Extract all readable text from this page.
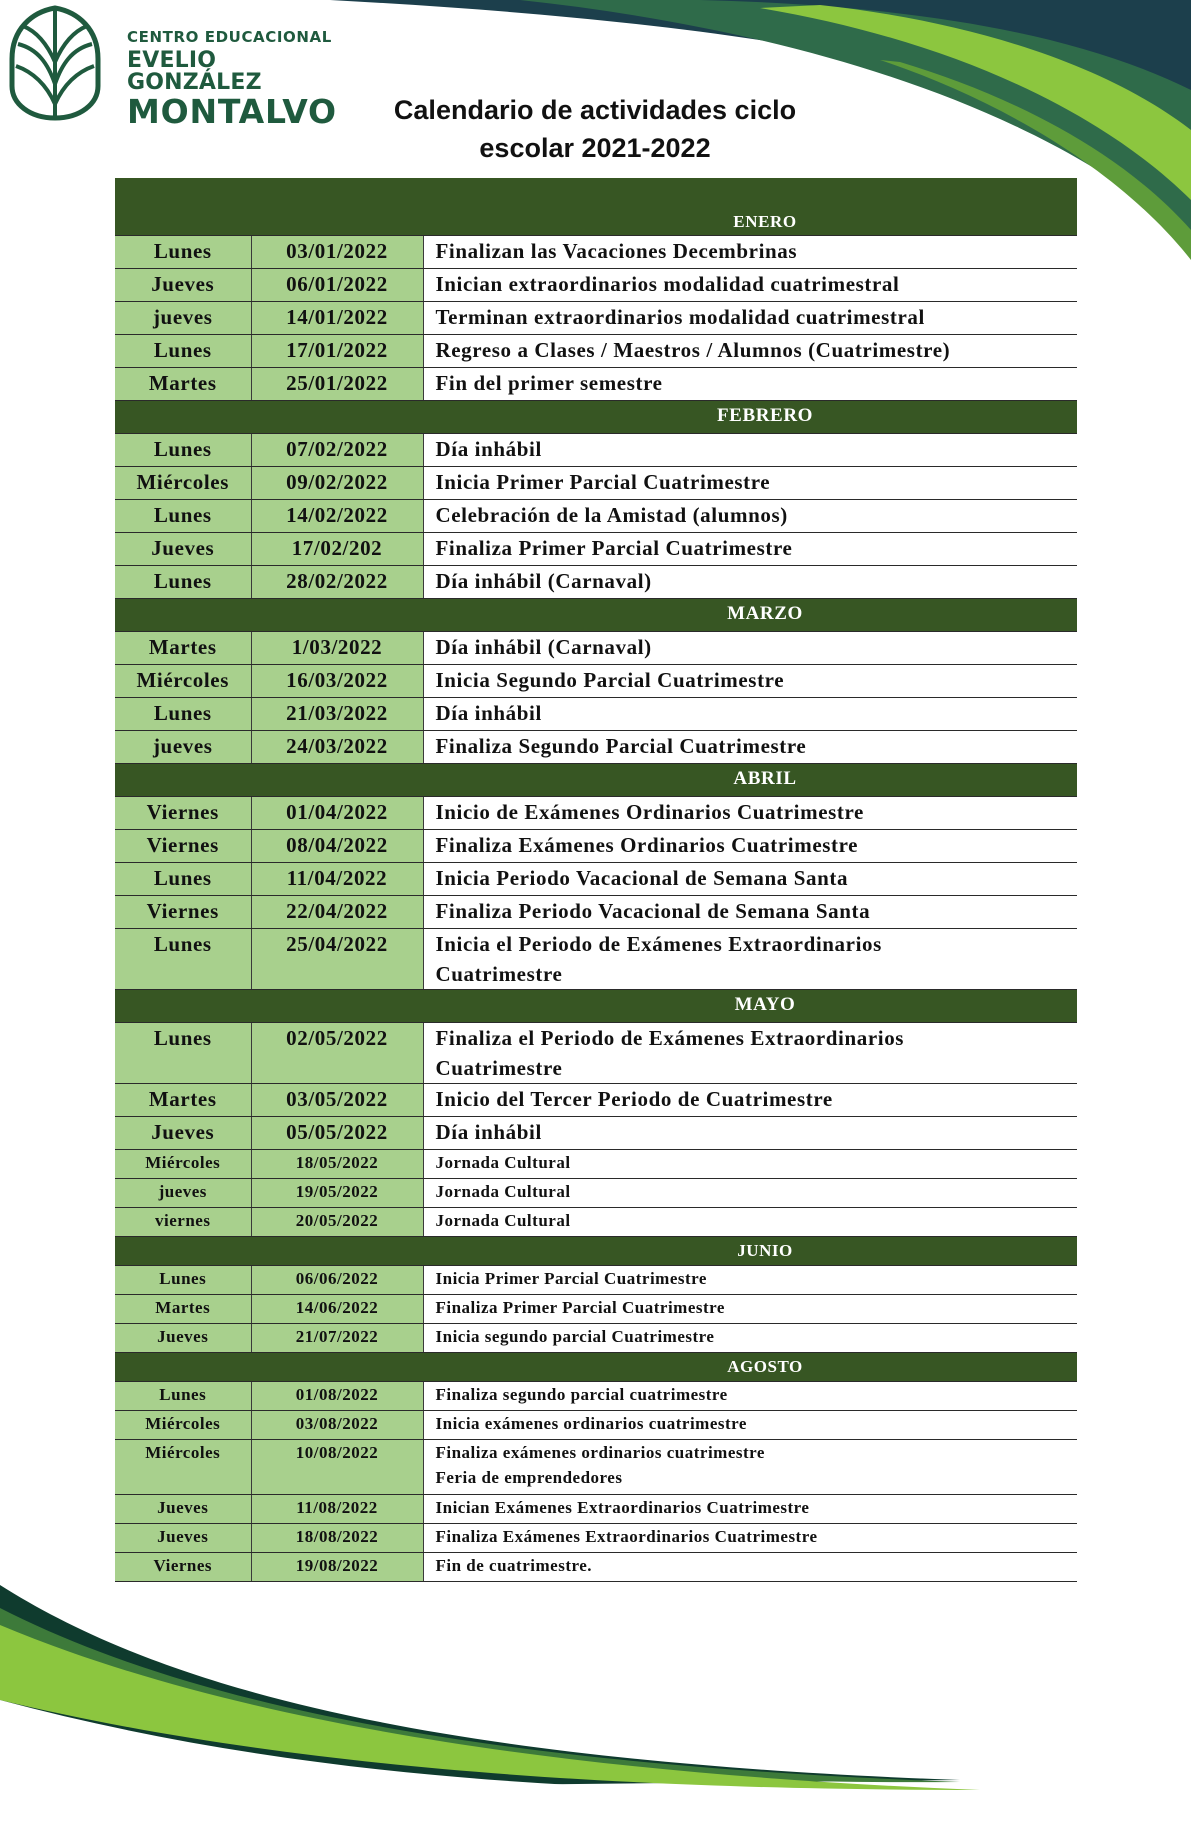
CENTRO EDUCACIONAL
EVELIO GONZÁLEZ
MONTALVO	Calendario de actividades ciclo
escolar 2021-2022
ENERO		
Lunes	03/01/2022	Finalizan las Vacaciones Decembrinas

Jueves	06/01/2022	Inician extraordinarios modalidad cuatrimestral

jueves	14/01/2022	Terminan extraordinarios modalidad cuatrimestral

Lunes	17/01/2022	Regreso a Clases / Maestros / Alumnos (Cuatrimestre)

Martes	25/01/2022	Fin del primer semestre

FEBRERO		
Lunes	07/02/2022	Día inhábil

Miércoles	09/02/2022	Inicia Primer Parcial Cuatrimestre

Lunes	14/02/2022	Celebración de la Amistad (alumnos)

Jueves	17/02/202	Finaliza Primer Parcial Cuatrimestre

Lunes	28/02/2022	Día inhábil (Carnaval)

MARZO		
Martes	1/03/2022	Día inhábil (Carnaval)

Miércoles	16/03/2022	Inicia Segundo Parcial Cuatrimestre

Lunes	21/03/2022	Día inhábil

jueves	24/03/2022	Finaliza Segundo Parcial Cuatrimestre

ABRIL		
Viernes	01/04/2022	Inicio de Exámenes Ordinarios Cuatrimestre

Viernes	08/04/2022	Finaliza Exámenes Ordinarios Cuatrimestre

Lunes	11/04/2022	Inicia Periodo Vacacional de Semana Santa

Viernes	22/04/2022	Finaliza Periodo Vacacional de Semana Santa

Lunes	25/04/2022	Inicia el Periodo de Exámenes Extraordinarios
Cuatrimestre

MAYO		
Lunes	02/05/2022	Finaliza el Periodo de Exámenes Extraordinarios
Cuatrimestre

Martes	03/05/2022	Inicio del Tercer Periodo de Cuatrimestre

Jueves	05/05/2022	Día inhábil

Miércoles	18/05/2022	Jornada Cultural

jueves	19/05/2022	Jornada Cultural

viernes	20/05/2022	Jornada Cultural

JUNIO		
Lunes	06/06/2022	Inicia Primer Parcial Cuatrimestre

Martes	14/06/2022	Finaliza Primer Parcial Cuatrimestre

Jueves	21/07/2022	Inicia segundo parcial Cuatrimestre

AGOSTO		
Lunes	01/08/2022	Finaliza segundo parcial cuatrimestre

Miércoles	03/08/2022	Inicia exámenes ordinarios cuatrimestre

Miércoles	10/08/2022	Finaliza exámenes ordinarios cuatrimestre
Feria de emprendedores

Jueves	11/08/2022	Inician Exámenes Extraordinarios Cuatrimestre

Jueves	18/08/2022	Finaliza Exámenes Extraordinarios Cuatrimestre

Viernes	19/08/2022	Fin de cuatrimestre.
